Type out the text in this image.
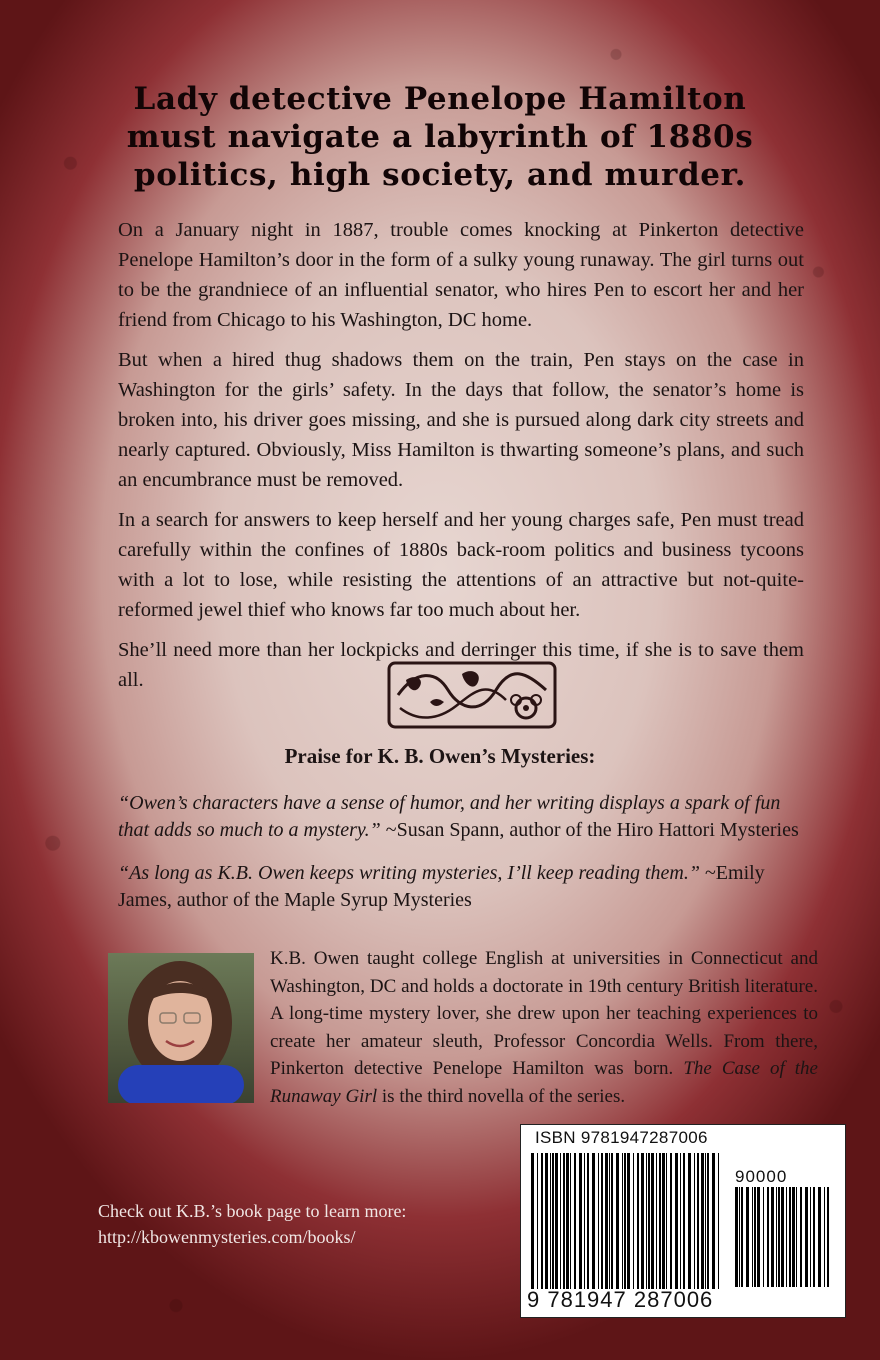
Lady detective Penelope Hamilton must navigate a labyrinth of 1880s politics, high society, and murder.

On a January night in 1887, trouble comes knocking at Pinkerton detective Penelope Hamilton’s door in the form of a sulky young runaway. The girl turns out to be the grandniece of an influential senator, who hires Pen to escort her and her friend from Chicago to his Washington, DC home.

But when a hired thug shadows them on the train, Pen stays on the case in Washington for the girls’ safety. In the days that follow, the senator’s home is broken into, his driver goes missing, and she is pursued along dark city streets and nearly captured. Obviously, Miss Hamilton is thwarting someone’s plans, and such an encumbrance must be removed.

In a search for answers to keep herself and her young charges safe, Pen must tread carefully within the confines of 1880s back-room politics and business tycoons with a lot to lose, while resisting the attentions of an attractive but not-quite-reformed jewel thief who knows far too much about her.

She’ll need more than her lockpicks and derringer this time, if she is to save them all.

Praise for K. B. Owen’s Mysteries:
“Owen’s characters have a sense of humor, and her writing displays a spark of fun that adds so much to a mystery.” ~Susan Spann, author of the Hiro Hattori Mysteries
“As long as K.B. Owen keeps writing mysteries, I’ll keep reading them.” ~Emily James, author of the Maple Syrup Mysteries
K.B. Owen taught college English at universities in Connecticut and Washington, DC and holds a doctorate in 19th century British literature. A long-time mystery lover, she drew upon her teaching experiences to create her amateur sleuth, Professor Concordia Wells. From there, Pinkerton detective Penelope Hamilton was born. The Case of the Runaway Girl is the third novella of the series.
Check out K.B.’s book page to learn more:
http://kbowenmysteries.com/books/
ISBN 9781947287006
90000
9 781947 287006
